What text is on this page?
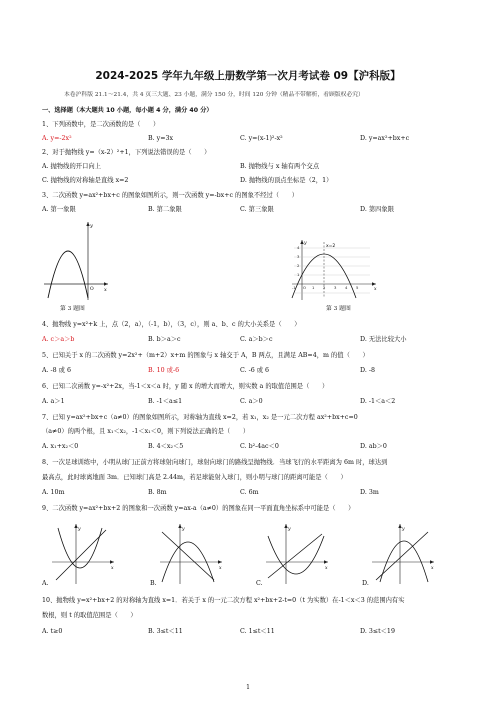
2024-2025 学年九年级上册数学第一次月考试卷 09【沪科版】
本卷沪科版 21.1～21.4，共 4 页三大题、23 小题，满分 150 分，时间 120 分钟（精品不带解析，看顾版权必究）
一、选择题（本大题共 10 小题，每小题 4 分，满分 40 分）
1、下列函数中，是二次函数的是（　　）
A. y=-2x²	B. y=3x	C. y=(x-1)²-x²	D. y=ax²+bx+c
2、对于抛物线 y=（x-2）²+1，下列说法错误的是（　　）
A. 抛物线的开口向上	B. 抛物线与 x 轴有两个交点
C. 抛物线的对称轴是直线 x=2	D. 抛物线的顶点坐标是（2，1）
3、二次函数 y=ax²+bx+c 的图象如图所示，则一次函数 y=-bx+c 的图象不经过（　　）
A. 第一象限	B. 第二象限	C. 第三象限	D. 第四象限
x
y
O
第 3 题图
x=2
-1 O 1 2 3 4 5
4
3
2
1
x
y
第 3 题图
4、抛物线 y=x²+k 上，点（2，a），（-1，b），（3，c），则 a、b、c 的大小关系是（　　）
A. c＞a＞b	B. b＞a＞c	C. a＞b＞c	D. 无法比较大小
5、已知关于 x 的二次函数 y=2x²+（m+2）x+m 的图象与 x 轴交于 A，B 两点，且满足 AB=4，m 的值（　　）
A. -8 或 6	B. 10 或-6	C. -6 或 6	D. -8
6、已知二次函数 y=-x²+2x，当-1＜x＜a 时，y 随 x 的增大而增大，则实数 a 的取值范围是（　　）
A. a＞1	B. -1＜a≤1	C. a＞0	D. -1＜a＜2
7、已知 y=ax²+bx+c（a≠0）的图象如图所示，对称轴为直线 x=2，若 x₁，x₂ 是一元二次方程 ax²+bx+c=0
（a≠0）的两个根，且 x₁＜x₂，-1＜x₁＜0，则下列说法正确的是（　　）
A. x₁+x₂＜0	B. 4＜x₂＜5	C. b²-4ac＜0	D. ab＞0
8、一次足球训练中，小明从球门正前方将球射向球门，球射向球门的路线呈抛物线．当球飞行的水平距离为 6m 时，球达到
最高点，此时球离地面 3m．已知球门高是 2.44m，若足球能射入球门，则小明与球门的距离可能是（　　）
A. 10m	B. 8m	C. 6m	D. 3m
9、二次函数 y=ax²+bx+2 的图象和一次函数 y=ax-a（a≠0）的图象在同一平面直角坐标系中可能是（　　）
A.
y
x
B.
y
x
C.
y
x
D.
y
x
10、抛物线 y=x²+bx+2 的对称轴为直线 x=1．若关于 x 的一元二次方程 x²+bx+2-t=0（t 为实数）在-1＜x＜3 的范围内有实
数根，则 t 的取值范围是（　　）
A. t≥0	B. 3≤t＜11	C. 1≤t＜11	D. 3≤t＜19
1
